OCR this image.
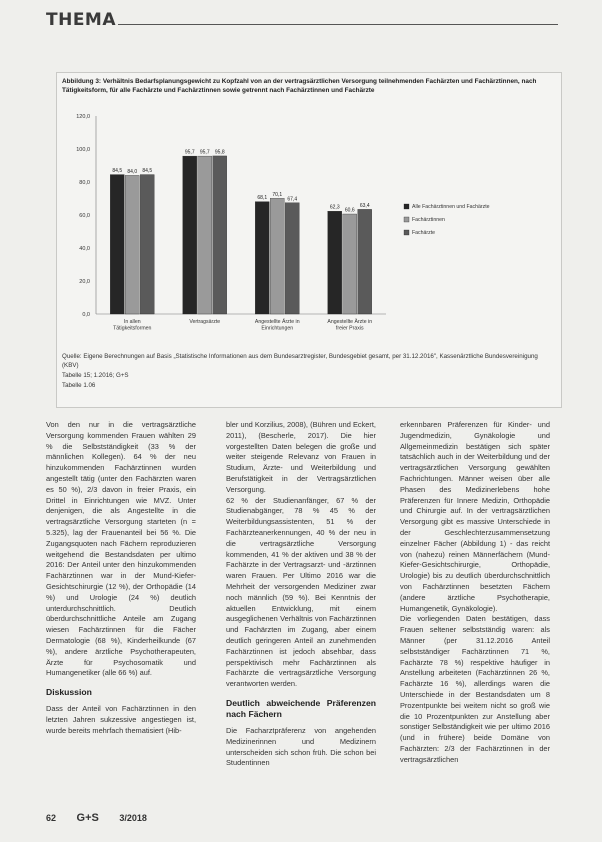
THEMA
Abbildung 3: Verhältnis Bedarfsplanungsgewicht zu Kopfzahl von an der vertragsärztlichen Versorgung teilnehmenden Fachärzten und Fachärztinnen, nach Tätigkeitsform, für alle Fachärzte und Fachärztinnen sowie getrennt nach Fachärztinnen und Fachärzte
0,0
20,0
40,0
60,0
80,0
100,0
120,0
84,5 84,0 84,5
In allen Tätigkeitsformen
95,7 95,7 95,8
Vertragsärzte
68,1
70,1
67,4
Angestellte Ärzte in Einrichtungen
62,3 60,6
63,4
Angestellte Ärzte in freier Praxis
Alle Fachärztinnen und Fachärzte
Fachärztinnen
Fachärzte
Quelle: Eigene Berechnungen auf Basis „Statistische Informationen aus dem Bundesarztregister, Bundesgebiet gesamt, per 31.12.2016", Kassenärztliche Bundesvereinigung (KBV)
Tabelle 15; 1.2016; G+S
Tabelle 1.06

Von den nur in die vertragsärztliche Versorgung kommenden Frauen wählten 29 % die Selbstständigkeit (33 % der männlichen Kollegen). 64 % der neu hinzukommenden Fachärztinnen wurden angestellt tätig (unter den Fachärzten waren es 50 %), 2/3 davon in freier Praxis, ein Drittel in Einrichtungen wie MVZ. Unter denjenigen, die als Angestellte in die vertragsärztliche Versorgung starteten (n = 5.325), lag der Frauenanteil bei 56 %. Die Zugangsquoten nach Fächern reproduzieren weitgehend die Bestandsdaten per ultimo 2016: Der Anteil unter den hinzukommenden Fachärztinnen war in der Mund-Kiefer-Gesichtschirurgie (12 %), der Orthopädie (14 %) und Urologie (24 %) deutlich unterdurchschnittlich. Deutlich überdurchschnittliche Anteile am Zugang wiesen Fachärztinnen für die Fächer Dermatologie (68 %), Kinderheilkunde (67 %), andere ärztliche Psychotherapeuten, Ärzte für Psychosomatik und Humangenetiker (alle 66 %) auf.

Diskussion

Dass der Anteil von Fachärztinnen in den letzten Jahren sukzessive angestiegen ist, wurde bereits mehrfach thematisiert (Hib-

bler und Korzilius, 2008), (Bühren und Eckert, 2011), (Bescherle, 2017). Die hier vorgestellten Daten belegen die große und weiter steigende Relevanz von Frauen in Studium, Ärzte- und Weiterbildung und Berufstätigkeit in der Vertragsärztlichen Versorgung.

62 % der Studienanfänger, 67 % der Studienabgänger, 78 % 45 % der Weiterbildungsassistenten, 51 % der Fachärzteanerkennungen, 40 % der neu in die vertragsärztliche Versorgung kommenden, 41 % der aktiven und 38 % der Fachärzte in der Vertragsarzt- und -ärztinnen waren Frauen. Per Ultimo 2016 war die Mehrheit der versorgenden Mediziner zwar noch männlich (59 %). Bei Kenntnis der aktuellen Entwicklung, mit einem ausgeglichenen Verhältnis von Fachärztinnen und Fachärzten im Zugang, aber einem deutlich geringeren Anteil an zunehmenden Fachärztinnen ist jedoch absehbar, dass perspektivisch mehr Fachärztinnen als Fachärzte die vertragsärztliche Versorgung verantworten werden.

Deutlich abweichende Präferenzen nach Fächern

Die Facharztpräferenz von angehenden Medizinerinnen und Medizinern unterscheiden sich schon früh. Die schon bei Studentinnen

erkennbaren Präferenzen für Kinder- und Jugendmedizin, Gynäkologie und Allgemeinmedizin bestätigen sich später tatsächlich auch in der Weiterbildung und der vertragsärztlichen Versorgung gewählten Fachrichtungen. Männer weisen über alle Phasen des Medizinerlebens hohe Präferenzen für Innere Medizin, Orthopädie und Chirurgie auf. In der vertragsärztlichen Versorgung gibt es massive Unterschiede in der Geschlechterzusammensetzung einzelner Fächer (Abbildung 1) - das reicht von (nahezu) reinen Männerfächern (Mund-Kiefer-Gesichtschirurgie, Orthopädie, Urologie) bis zu deutlich überdurchschnittlich von Fachärztinnen besetzten Fächern (andere ärztliche Psychotherapie, Humangenetik, Gynäkologie).

Die vorliegenden Daten bestätigen, dass Frauen seltener selbstständig waren: als Männer (per 31.12.2016 Anteil selbstständiger Fachärztinnen 71 %, Fachärzte 78 %) respektive häufiger in Anstellung arbeiteten (Fachärztinnen 26 %, Fachärzte 16 %), allerdings waren die Unterschiede in der Bestandsdaten um 8 Prozentpunkte bei weitem nicht so groß wie die 10 Prozentpunkten zur Anstellung aber sonstiger Selbständigkeit wie per ultimo 2016 (und in frühere) beide Domäne von Fachärzten: 2/3 der Fachärztinnen in der vertragsärztlichen

62 G+S 3/2018
